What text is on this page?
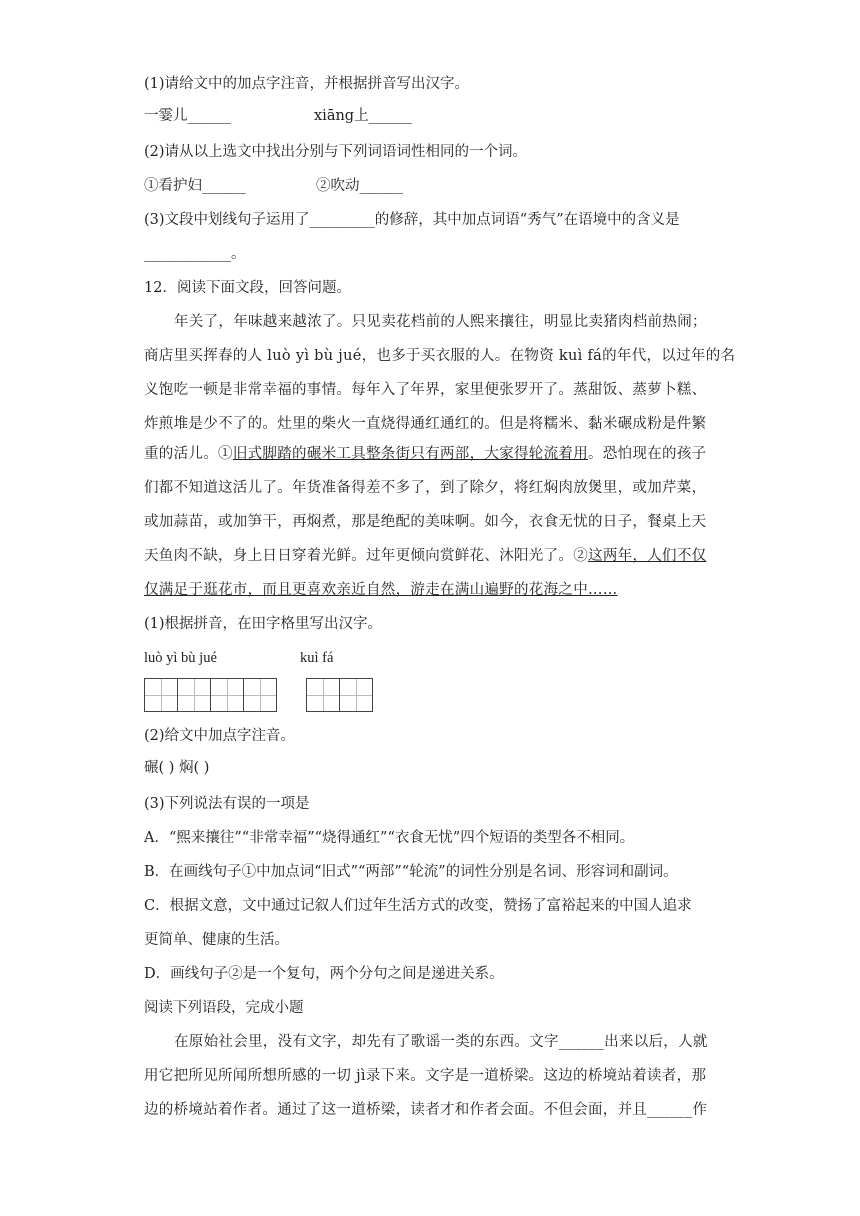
(1)请给文中的加点字注音，并根据拼音写出汉字。
一霎儿______	xiāng上______
(2)请从以上选文中找出分别与下列词语词性相同的一个词。
①看护妇______	②吹动______
(3)文段中划线句子运用了_________的修辞，其中加点词语“秀气”在语境中的含义是
____________。
12．阅读下面文段，回答问题。
年关了，年味越来越浓了。只见卖花档前的人熙来攘往，明显比卖猪肉档前热闹；
商店里买挥春的人 luò yì bù jué，也多于买衣服的人。在物资 kuì fá的年代，以过年的名
义饱吃一顿是非常幸福的事情。每年入了年界，家里便张罗开了。蒸甜饭、蒸萝卜糕、
炸煎堆是少不了的。灶里的柴火一直烧得通红通红的。但是将糯米、黏米碾成粉是件繁
重的活儿。①旧式脚踏的碾米工具整条街只有两部，大家得轮流着用。恐怕现在的孩子
们都不知道这活儿了。年货准备得差不多了，到了除夕，将红焖肉放煲里，或加芹菜，
或加蒜苗，或加笋干，再焖煮，那是绝配的美味啊。如今，衣食无忧的日子，餐桌上天
天鱼肉不缺，身上日日穿着光鲜。过年更倾向赏鲜花、沐阳光了。②这两年，人们不仅
仅满足于逛花市，而且更喜欢亲近自然，游走在满山遍野的花海之中……
(1)根据拼音，在田字格里写出汉字。
luò yì bù jué	kuì fá
(2)给文中加点字注音。
碾( ) 焖( )
(3)下列说法有误的一项是
A．“熙来攘往”“非常幸福”“烧得通红”“衣食无忧”四个短语的类型各不相同。
B．在画线句子①中加点词“旧式”“两部”“轮流”的词性分别是名词、形容词和副词。
C．根据文意，文中通过记叙人们过年生活方式的改变，赞扬了富裕起来的中国人追求
更简单、健康的生活。
D．画线句子②是一个复句，两个分句之间是递进关系。
阅读下列语段，完成小题
在原始社会里，没有文字，却先有了歌谣一类的东西。文字______出来以后，人就
用它把所见所闻所想所感的一切 jì录下来。文字是一道桥梁。这边的桥境站着读者，那
边的桥境站着作者。通过了这一道桥梁，读者才和作者会面。不但会面，并且______作
